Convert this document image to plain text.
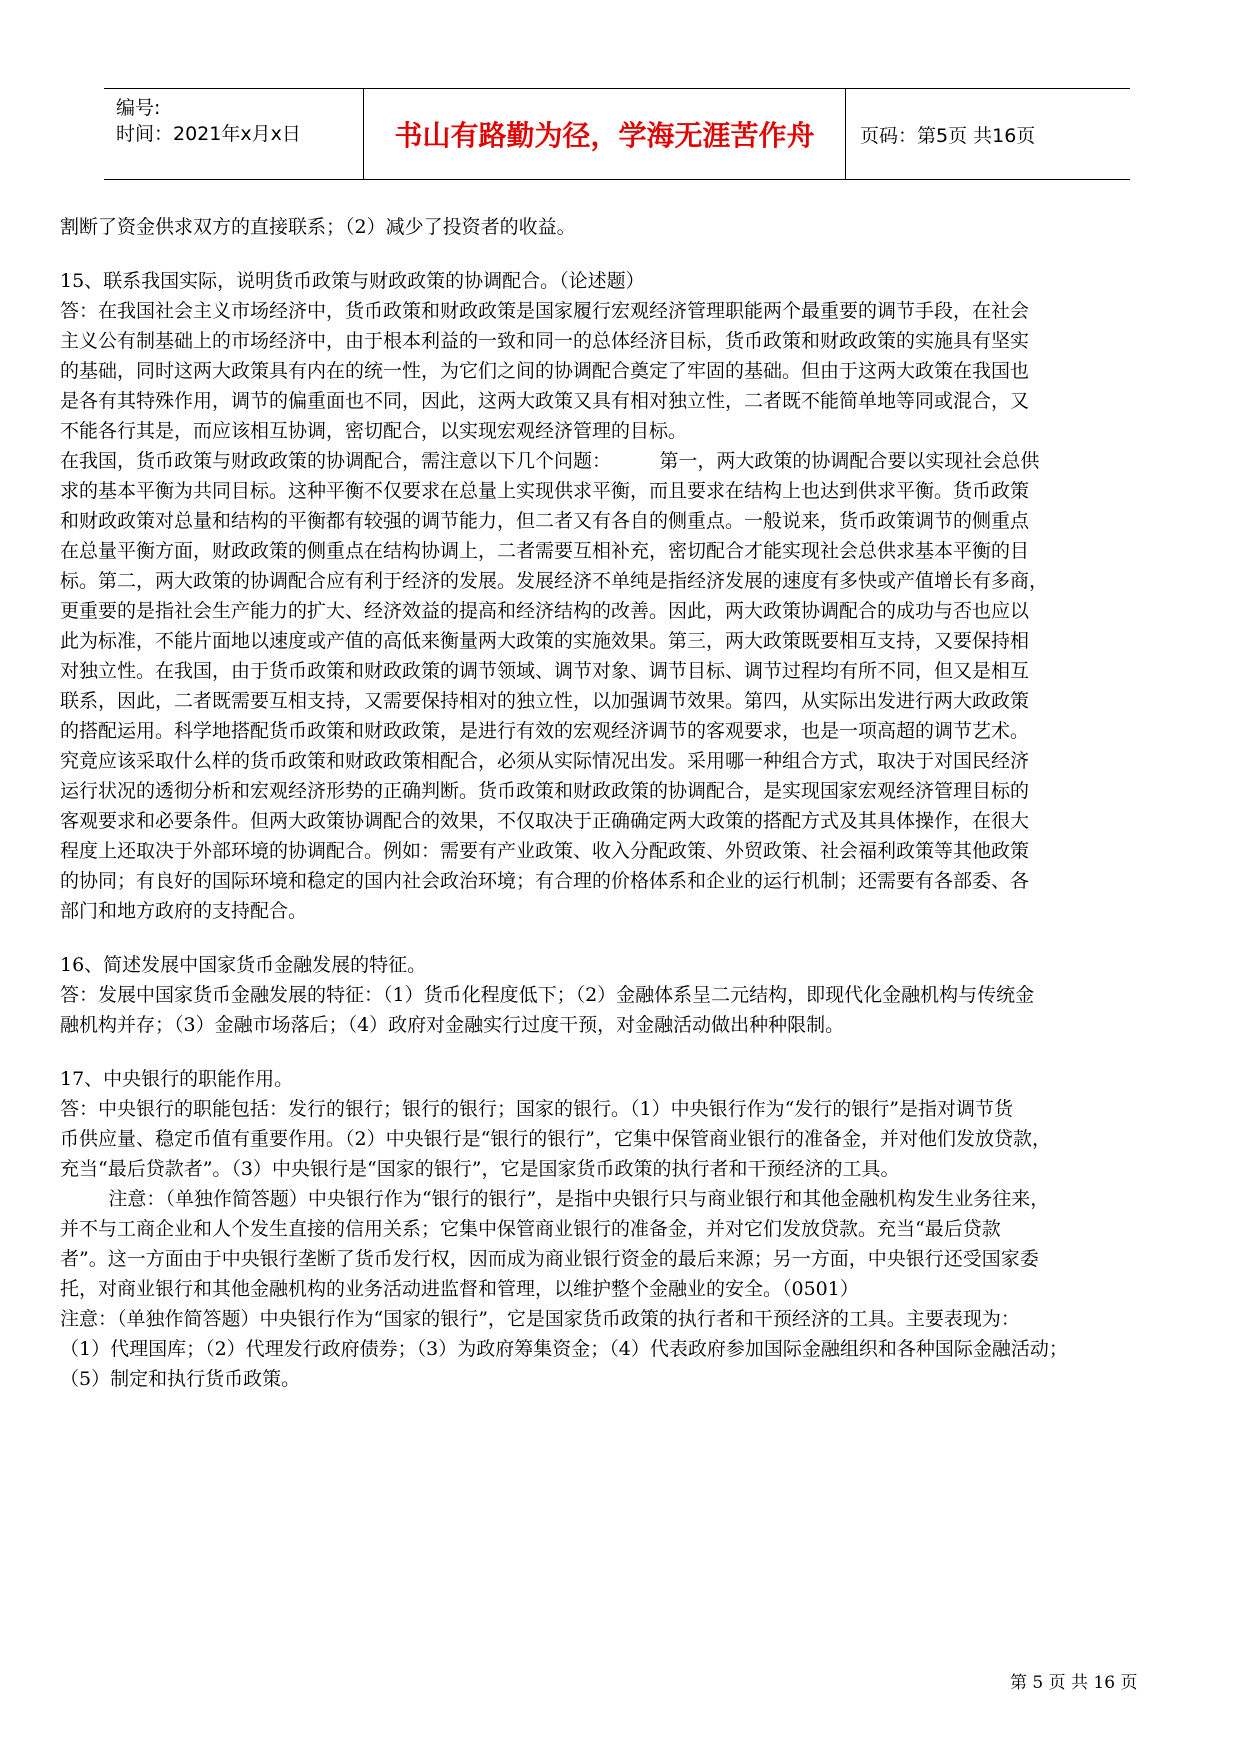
编号:
时间：2021年x月x日	书山有路勤为径，学海无涯苦作舟 页码：第5页 共16页
割断了资金供求双方的直接联系；（2）减少了投资者的收益。
15、联系我国实际，说明货币政策与财政政策的协调配合。（论述题）
答：在我国社会主义市场经济中，货币政策和财政政策是国家履行宏观经济管理职能两个最重要的调节手段，在社会
主义公有制基础上的市场经济中，由于根本利益的一致和同一的总体经济目标，货币政策和财政政策的实施具有坚实
的基础，同时这两大政策具有内在的统一性，为它们之间的协调配合奠定了牢固的基础。但由于这两大政策在我国也
是各有其特殊作用，调节的偏重面也不同，因此，这两大政策又具有相对独立性，二者既不能简单地等同或混合，又
不能各行其是，而应该相互协调，密切配合，以实现宏观经济管理的目标。
在我国，货币政策与财政政策的协调配合，需注意以下几个问题：        第一，两大政策的协调配合要以实现社会总供
求的基本平衡为共同目标。这种平衡不仅要求在总量上实现供求平衡，而且要求在结构上也达到供求平衡。货币政策
和财政政策对总量和结构的平衡都有较强的调节能力，但二者又有各自的侧重点。一般说来，货币政策调节的侧重点
在总量平衡方面，财政政策的侧重点在结构协调上，二者需要互相补充，密切配合才能实现社会总供求基本平衡的目
标。第二，两大政策的协调配合应有利于经济的发展。发展经济不单纯是指经济发展的速度有多快或产值增长有多商，
更重要的是指社会生产能力的扩大、经济效益的提高和经济结构的改善。因此，两大政策协调配合的成功与否也应以
此为标准，不能片面地以速度或产值的高低来衡量两大政策的实施效果。第三，两大政策既要相互支持，又要保持相
对独立性。在我国，由于货币政策和财政政策的调节领域、调节对象、调节目标、调节过程均有所不同，但又是相互
联系，因此，二者既需要互相支持，又需要保持相对的独立性，以加强调节效果。第四，从实际出发进行两大政政策
的搭配运用。科学地搭配货币政策和财政政策，是进行有效的宏观经济调节的客观要求，也是一项高超的调节艺术。
究竟应该采取什么样的货币政策和财政政策相配合，必须从实际情况出发。采用哪一种组合方式，取决于对国民经济
运行状况的透彻分析和宏观经济形势的正确判断。货币政策和财政政策的协调配合，是实现国家宏观经济管理目标的
客观要求和必要条件。但两大政策协调配合的效果，不仅取决于正确确定两大政策的搭配方式及其具体操作，在很大
程度上还取决于外部环境的协调配合。例如：需要有产业政策、收入分配政策、外贸政策、社会福利政策等其他政策
的协同；有良好的国际环境和稳定的国内社会政治环境；有合理的价格体系和企业的运行机制；还需要有各部委、各
部门和地方政府的支持配合。
16、简述发展中国家货币金融发展的特征。
答：发展中国家货币金融发展的特征：（1）货币化程度低下；（2）金融体系呈二元结构，即现代化金融机构与传统金
融机构并存；（3）金融市场落后；（4）政府对金融实行过度干预，对金融活动做出种种限制。
17、中央银行的职能作用。
答：中央银行的职能包括：发行的银行；银行的银行；国家的银行。（1）中央银行作为“发行的银行”是指对调节货
币供应量、稳定币值有重要作用。（2）中央银行是“银行的银行”，它集中保管商业银行的准备金，并对他们发放贷款，
充当“最后贷款者”。（3）中央银行是“国家的银行”，它是国家货币政策的执行者和干预经济的工具。
注意：（单独作简答题）中央银行作为“银行的银行”，是指中央银行只与商业银行和其他金融机构发生业务往来，
并不与工商企业和人个发生直接的信用关系；它集中保管商业银行的准备金，并对它们发放贷款。充当“最后贷款
者”。这一方面由于中央银行垄断了货币发行权，因而成为商业银行资金的最后来源；另一方面，中央银行还受国家委
托，对商业银行和其他金融机构的业务活动进监督和管理，以维护整个金融业的安全。（0501）
注意：（单独作简答题）中央银行作为“国家的银行”，它是国家货币政策的执行者和干预经济的工具。主要表现为：
（1）代理国库；（2）代理发行政府债券；（3）为政府筹集资金；（4）代表政府参加国际金融组织和各种国际金融活动；
（5）制定和执行货币政策。
第 5 页 共 16 页
